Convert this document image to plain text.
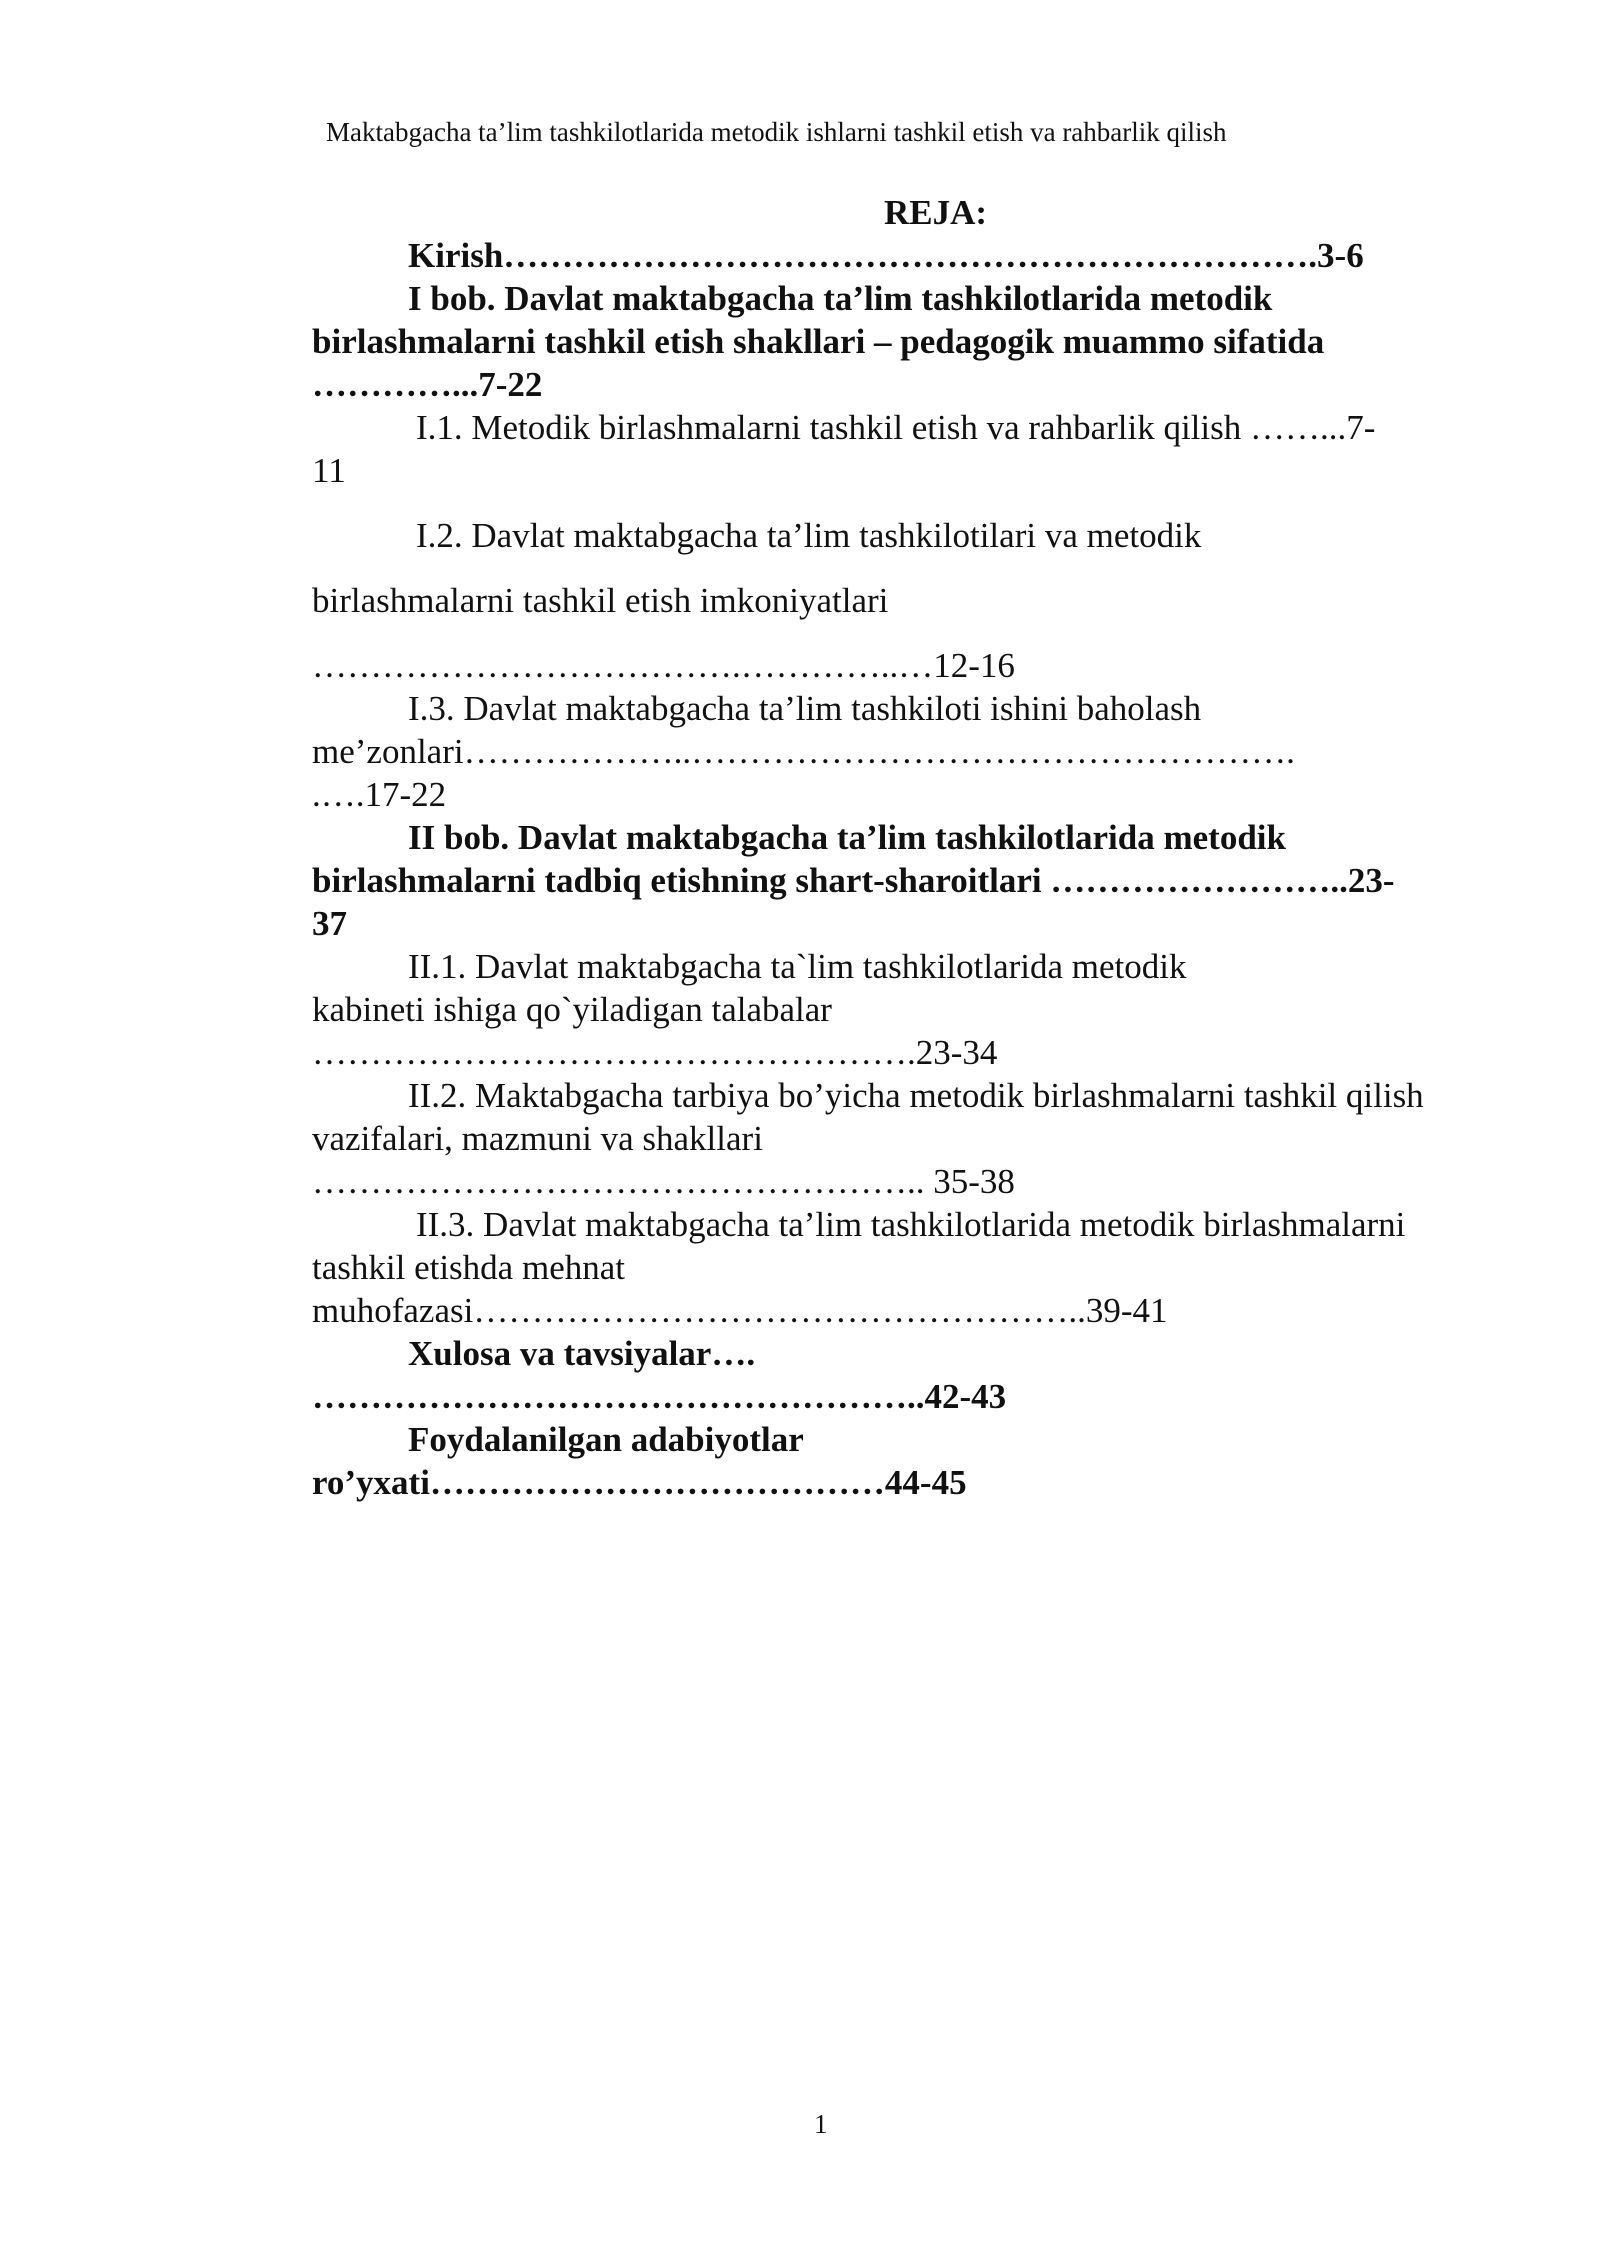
Maktabgacha ta’lim tashkilotlarida metodik ishlarni tashkil etish va rahbarlik qilish
REJA:
Kirish…………………………………………………………….3-6
I bob. Davlat maktabgacha ta’lim tashkilotlarida metodik
birlashmalarni tashkil etish shakllari – pedagogik muammo sifatida
…………...7-22
I.1. Metodik birlashmalarni tashkil etish va rahbarlik qilish ……...7-
11
I.2. Davlat maktabgacha ta’lim tashkilotilari va metodik
birlashmalarni tashkil etish imkoniyatlari
……………………………….…………..…12-16
I.3. Davlat maktabgacha ta’lim tashkiloti ishini baholash
me’zonlari………………..…………………………………………….
.….17-22
II bob. Davlat maktabgacha ta’lim tashkilotlarida metodik
birlashmalarni tadbiq etishning shart-sharoitlari ……………………..23-
37
II.1. Davlat maktabgacha ta`lim tashkilotlarida metodik
kabineti ishiga qo`yiladigan talabalar
…………………………………………….23-34
II.2. Maktabgacha tarbiya bo’yicha metodik birlashmalarni tashkil qilish
vazifalari, mazmuni va shakllari
…………………………………………….. 35-38
II.3. Davlat maktabgacha ta’lim tashkilotlarida metodik birlashmalarni
tashkil etishda mehnat
muhofazasi……………………………………………..39-41
Xulosa va tavsiyalar….
……………………………………………..42-43
Foydalanilgan adabiyotlar
ro’yxati…………………………………44-45
1
